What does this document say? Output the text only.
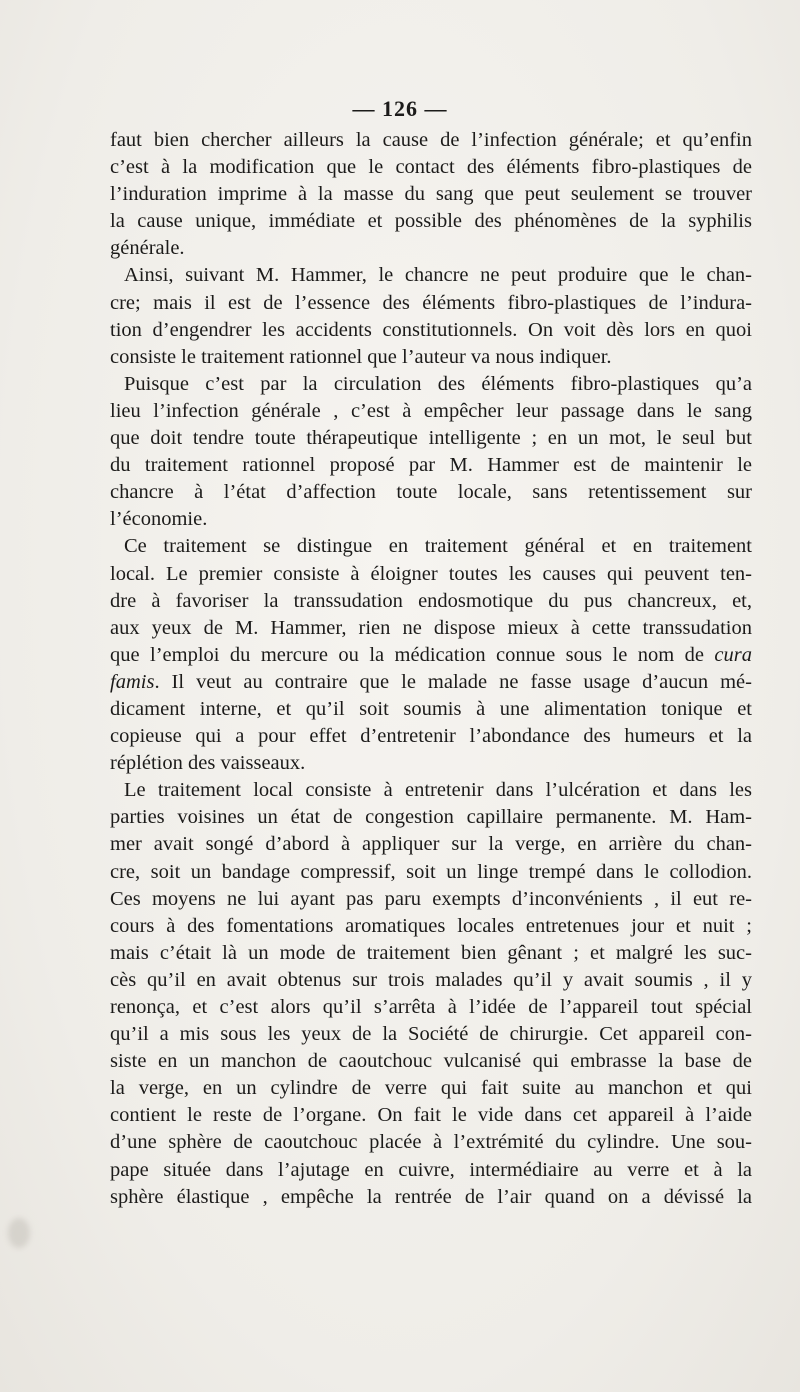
— 126 —
faut bien chercher ailleurs la cause de l’infection générale; et qu’enfin
c’est à la modification que le contact des éléments fibro-plastiques de
l’induration imprime à la masse du sang que peut seulement se trouver
la cause unique, immédiate et possible des phénomènes de la syphilis
générale.
Ainsi, suivant M. Hammer, le chancre ne peut produire que le chan-
cre; mais il est de l’essence des éléments fibro-plastiques de l’indura-
tion d’engendrer les accidents constitutionnels. On voit dès lors en quoi
consiste le traitement rationnel que l’auteur va nous indiquer.
Puisque c’est par la circulation des éléments fibro-plastiques qu’a
lieu l’infection générale , c’est à empêcher leur passage dans le sang
que doit tendre toute thérapeutique intelligente ; en un mot, le seul but
du traitement rationnel proposé par M. Hammer est de maintenir le
chancre à l’état d’affection toute locale, sans retentissement sur
l’économie.
Ce traitement se distingue en traitement général et en traitement
local. Le premier consiste à éloigner toutes les causes qui peuvent ten-
dre à favoriser la transsudation endosmotique du pus chancreux, et,
aux yeux de M. Hammer, rien ne dispose mieux à cette transsudation
que l’emploi du mercure ou la médication connue sous le nom de cura
famis. Il veut au contraire que le malade ne fasse usage d’aucun mé-
dicament interne, et qu’il soit soumis à une alimentation tonique et
copieuse qui a pour effet d’entretenir l’abondance des humeurs et la
réplétion des vaisseaux.
Le traitement local consiste à entretenir dans l’ulcération et dans les
parties voisines un état de congestion capillaire permanente. M. Ham-
mer avait songé d’abord à appliquer sur la verge, en arrière du chan-
cre, soit un bandage compressif, soit un linge trempé dans le collodion.
Ces moyens ne lui ayant pas paru exempts d’inconvénients , il eut re-
cours à des fomentations aromatiques locales entretenues jour et nuit ;
mais c’était là un mode de traitement bien gênant ; et malgré les suc-
cès qu’il en avait obtenus sur trois malades qu’il y avait soumis , il y
renonça, et c’est alors qu’il s’arrêta à l’idée de l’appareil tout spécial
qu’il a mis sous les yeux de la Société de chirurgie. Cet appareil con-
siste en un manchon de caoutchouc vulcanisé qui embrasse la base de
la verge, en un cylindre de verre qui fait suite au manchon et qui
contient le reste de l’organe. On fait le vide dans cet appareil à l’aide
d’une sphère de caoutchouc placée à l’extrémité du cylindre. Une sou-
pape située dans l’ajutage en cuivre, intermédiaire au verre et à la
sphère élastique , empêche la rentrée de l’air quand on a dévissé la
